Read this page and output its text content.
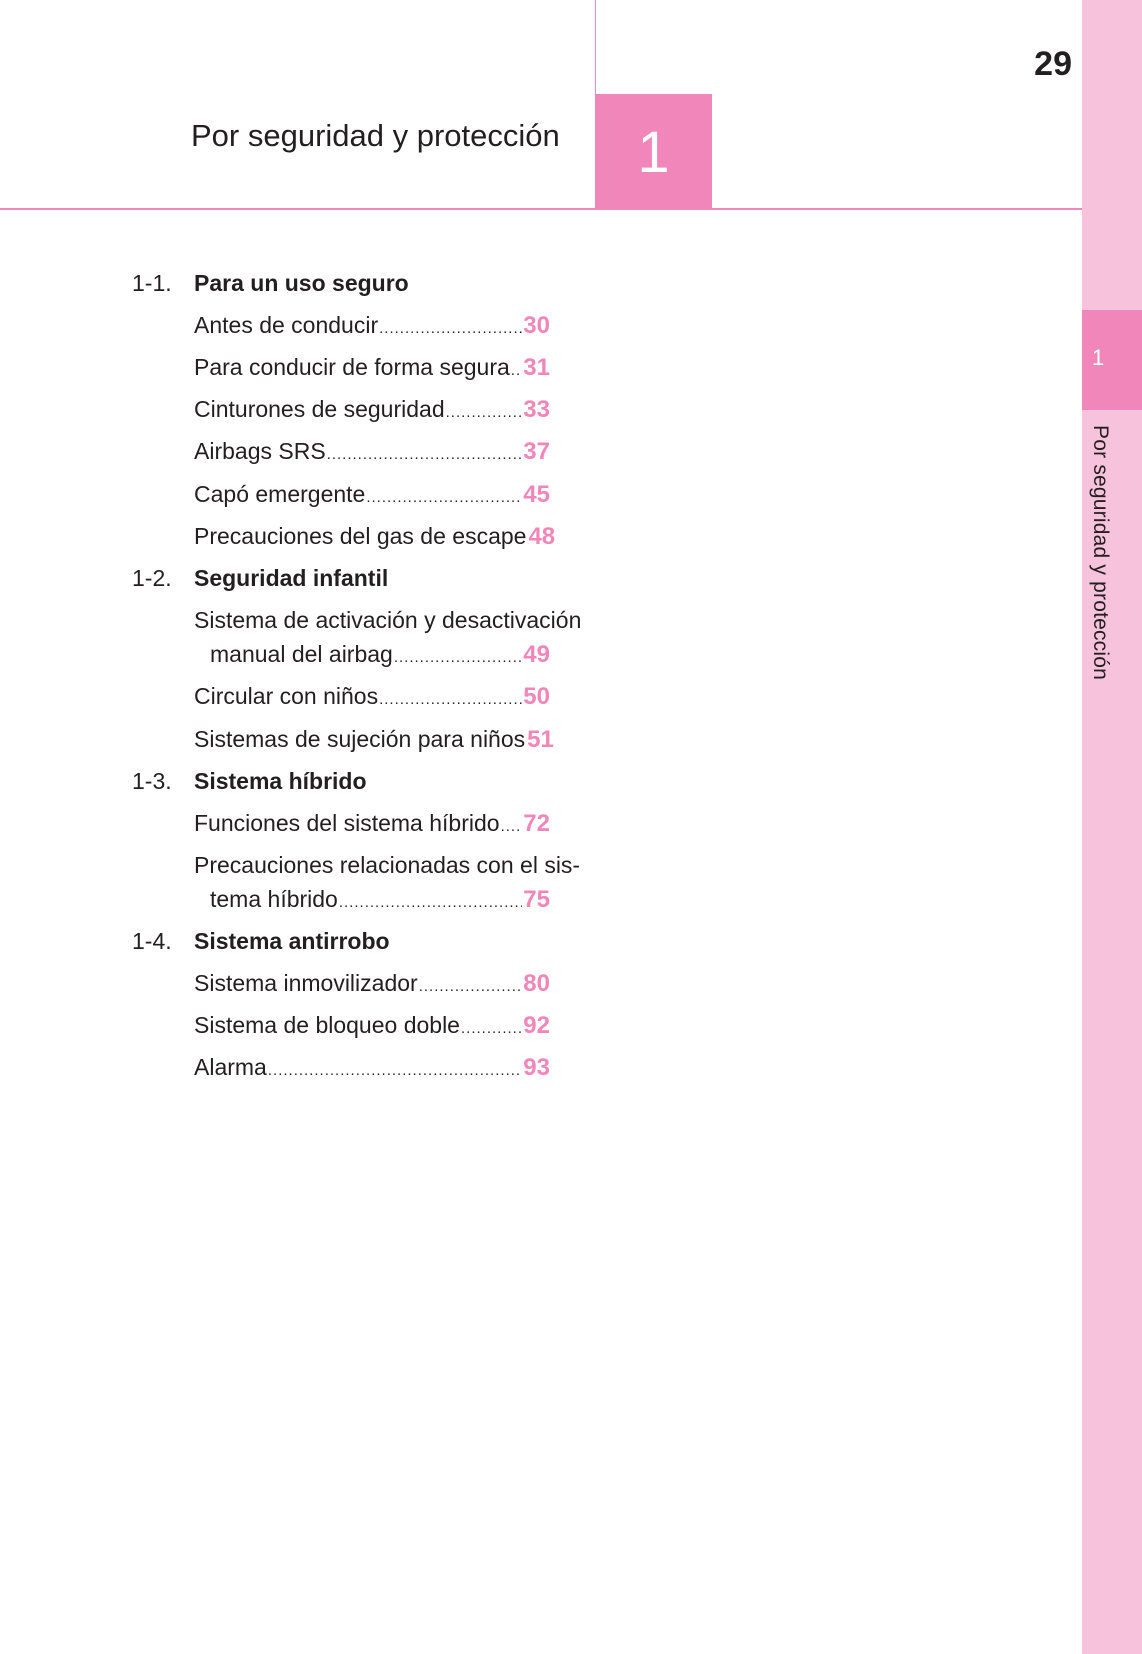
1
Por seguridad y protección
29
Por seguridad y protección	1
1-1. Para un uso seguro
Antes de conducir .....	30
Para conducir de forma segura ..... 31
Cinturones de seguridad .....	33
Airbags SRS .....	37
Capó emergente .....	45
Precauciones del gas de escape 48
1-2. Seguridad infantil
Sistema de activación y desactivación
manual del airbag .....	49
Circular con niños .....	50
Sistemas de sujeción para niños 51
1-3. Sistema híbrido
Funciones del sistema híbrido ..... 72
Precauciones relacionadas con el sis-
tema híbrido .....	75
1-4. Sistema antirrobo
Sistema inmovilizador .....	80
Sistema de bloqueo doble .....	92
Alarma .....	93
